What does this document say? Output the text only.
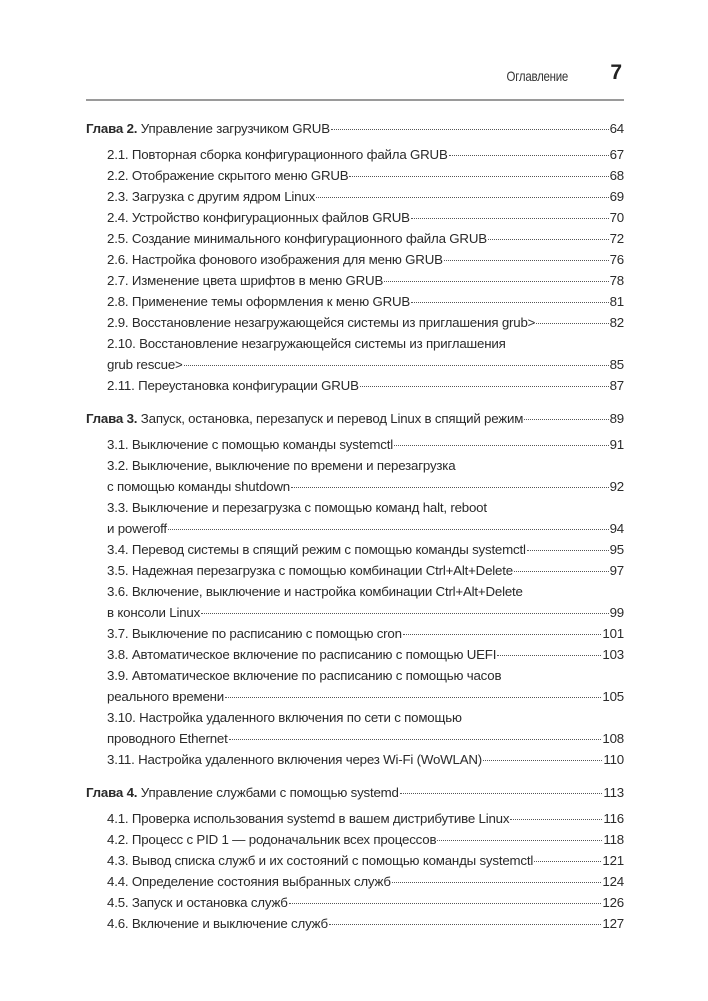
Оглавление 7
Глава 2. Управление загрузчиком GRUB	64
2.1. Повторная сборка конфигурационного файла GRUB	67
2.2. Отображение скрытого меню GRUB	68
2.3. Загрузка с другим ядром Linux	69
2.4. Устройство конфигурационных файлов GRUB	70
2.5. Создание минимального конфигурационного файла GRUB	72
2.6. Настройка фонового изображения для меню GRUB	76
2.7. Изменение цвета шрифтов в меню GRUB	78
2.8. Применение темы оформления к меню GRUB	81
2.9. Восстановление незагружающейся системы из приглашения grub>	82
2.10. Восстановление незагружающейся системы из приглашения
grub rescue>	85
2.11. Переустановка конфигурации GRUB	87
Глава 3. Запуск, остановка, перезапуск и перевод Linux в спящий режим	89
3.1. Выключение с помощью команды systemctl	91
3.2. Выключение, выключение по времени и перезагрузка
с помощью команды shutdown	92
3.3. Выключение и перезагрузка с помощью команд halt, reboot
и poweroff	94
3.4. Перевод системы в спящий режим с помощью команды systemctl	95
3.5. Надежная перезагрузка с помощью комбинации Ctrl+Alt+Delete	97
3.6. Включение, выключение и настройка комбинации Ctrl+Alt+Delete
в консоли Linux	99
3.7. Выключение по расписанию с помощью cron	101
3.8. Автоматическое включение по расписанию с помощью UEFI	103
3.9. Автоматическое включение по расписанию с помощью часов
реального времени	105
3.10. Настройка удаленного включения по сети с помощью
проводного Ethernet	108
3.11. Настройка удаленного включения через Wi-Fi (WoWLAN)	110
Глава 4. Управление службами с помощью systemd	113
4.1. Проверка использования systemd в вашем дистрибутиве Linux	116
4.2. Процесс с PID 1 — родоначальник всех процессов	118
4.3. Вывод списка служб и их состояний с помощью команды systemctl	121
4.4. Определение состояния выбранных служб	124
4.5. Запуск и остановка служб	126
4.6. Включение и выключение служб	127
